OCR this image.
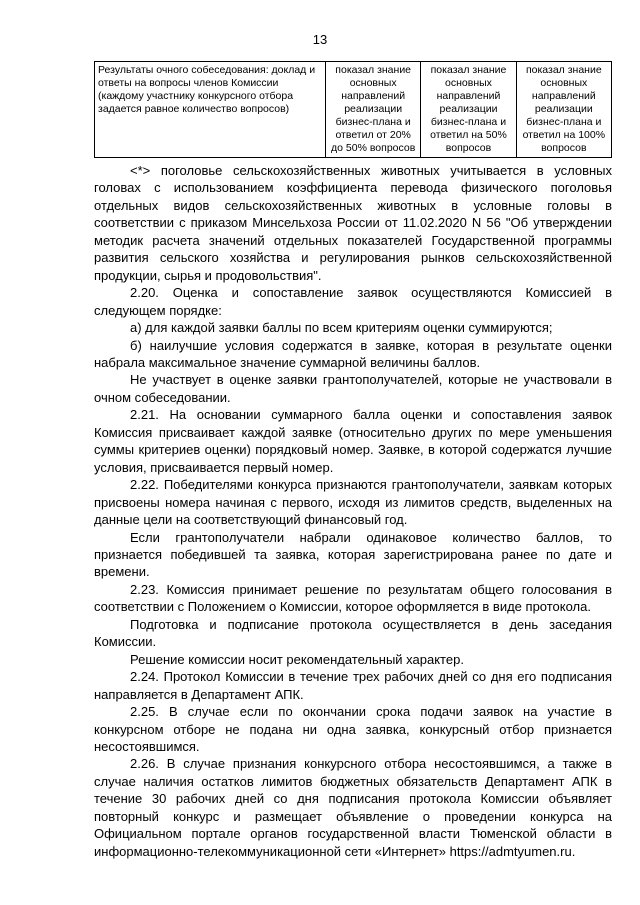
13
Результаты очного собеседования: доклад и ответы на вопросы членов Комиссии (каждому участнику конкурсного отбора задается равное количество вопросов)	показал знание основных направлений реализации бизнес-плана и ответил от 20% до 50% вопросов	показал знание основных направлений реализации бизнес-плана и ответил на 50% вопросов	показал знание основных направлений реализации бизнес-плана и ответил на 100% вопросов

<*> поголовье сельскохозяйственных животных учитывается в условных головах с использованием коэффициента перевода физического поголовья отдельных видов сельскохозяйственных животных в условные головы в соответствии с приказом Минсельхоза России от 11.02.2020 N 56 "Об утверждении методик расчета значений отдельных показателей Государственной программы развития сельского хозяйства и регулирования рынков сельскохозяйственной продукции, сырья и продовольствия".

2.20. Оценка и сопоставление заявок осуществляются Комиссией в следующем порядке:

а) для каждой заявки баллы по всем критериям оценки суммируются;

б) наилучшие условия содержатся в заявке, которая в результате оценки набрала максимальное значение суммарной величины баллов.

Не участвует в оценке заявки грантополучателей, которые не участвовали в очном собеседовании.

2.21. На основании суммарного балла оценки и сопоставления заявок Комиссия присваивает каждой заявке (относительно других по мере уменьшения суммы критериев оценки) порядковый номер. Заявке, в которой содержатся лучшие условия, присваивается первый номер.

2.22. Победителями конкурса признаются грантополучатели, заявкам которых присвоены номера начиная с первого, исходя из лимитов средств, выделенных на данные цели на соответствующий финансовый год.

Если грантополучатели набрали одинаковое количество баллов, то признается победившей та заявка, которая зарегистрирована ранее по дате и времени.

2.23. Комиссия принимает решение по результатам общего голосования в соответствии с Положением о Комиссии, которое оформляется в виде протокола.

Подготовка и подписание протокола осуществляется в день заседания Комиссии.

Решение комиссии носит рекомендательный характер.

2.24. Протокол Комиссии в течение трех рабочих дней со дня его подписания направляется в Департамент АПК.

2.25. В случае если по окончании срока подачи заявок на участие в конкурсном отборе не подана ни одна заявка, конкурсный отбор признается несостоявшимся.

2.26. В случае признания конкурсного отбора несостоявшимся, а также в случае наличия остатков лимитов бюджетных обязательств Департамент АПК в течение 30 рабочих дней со дня подписания протокола Комиссии объявляет повторный конкурс и размещает объявление о проведении конкурса на Официальном портале органов государственной власти Тюменской области в информационно-телекоммуникационной сети «Интернет» https://admtyumen.ru.
